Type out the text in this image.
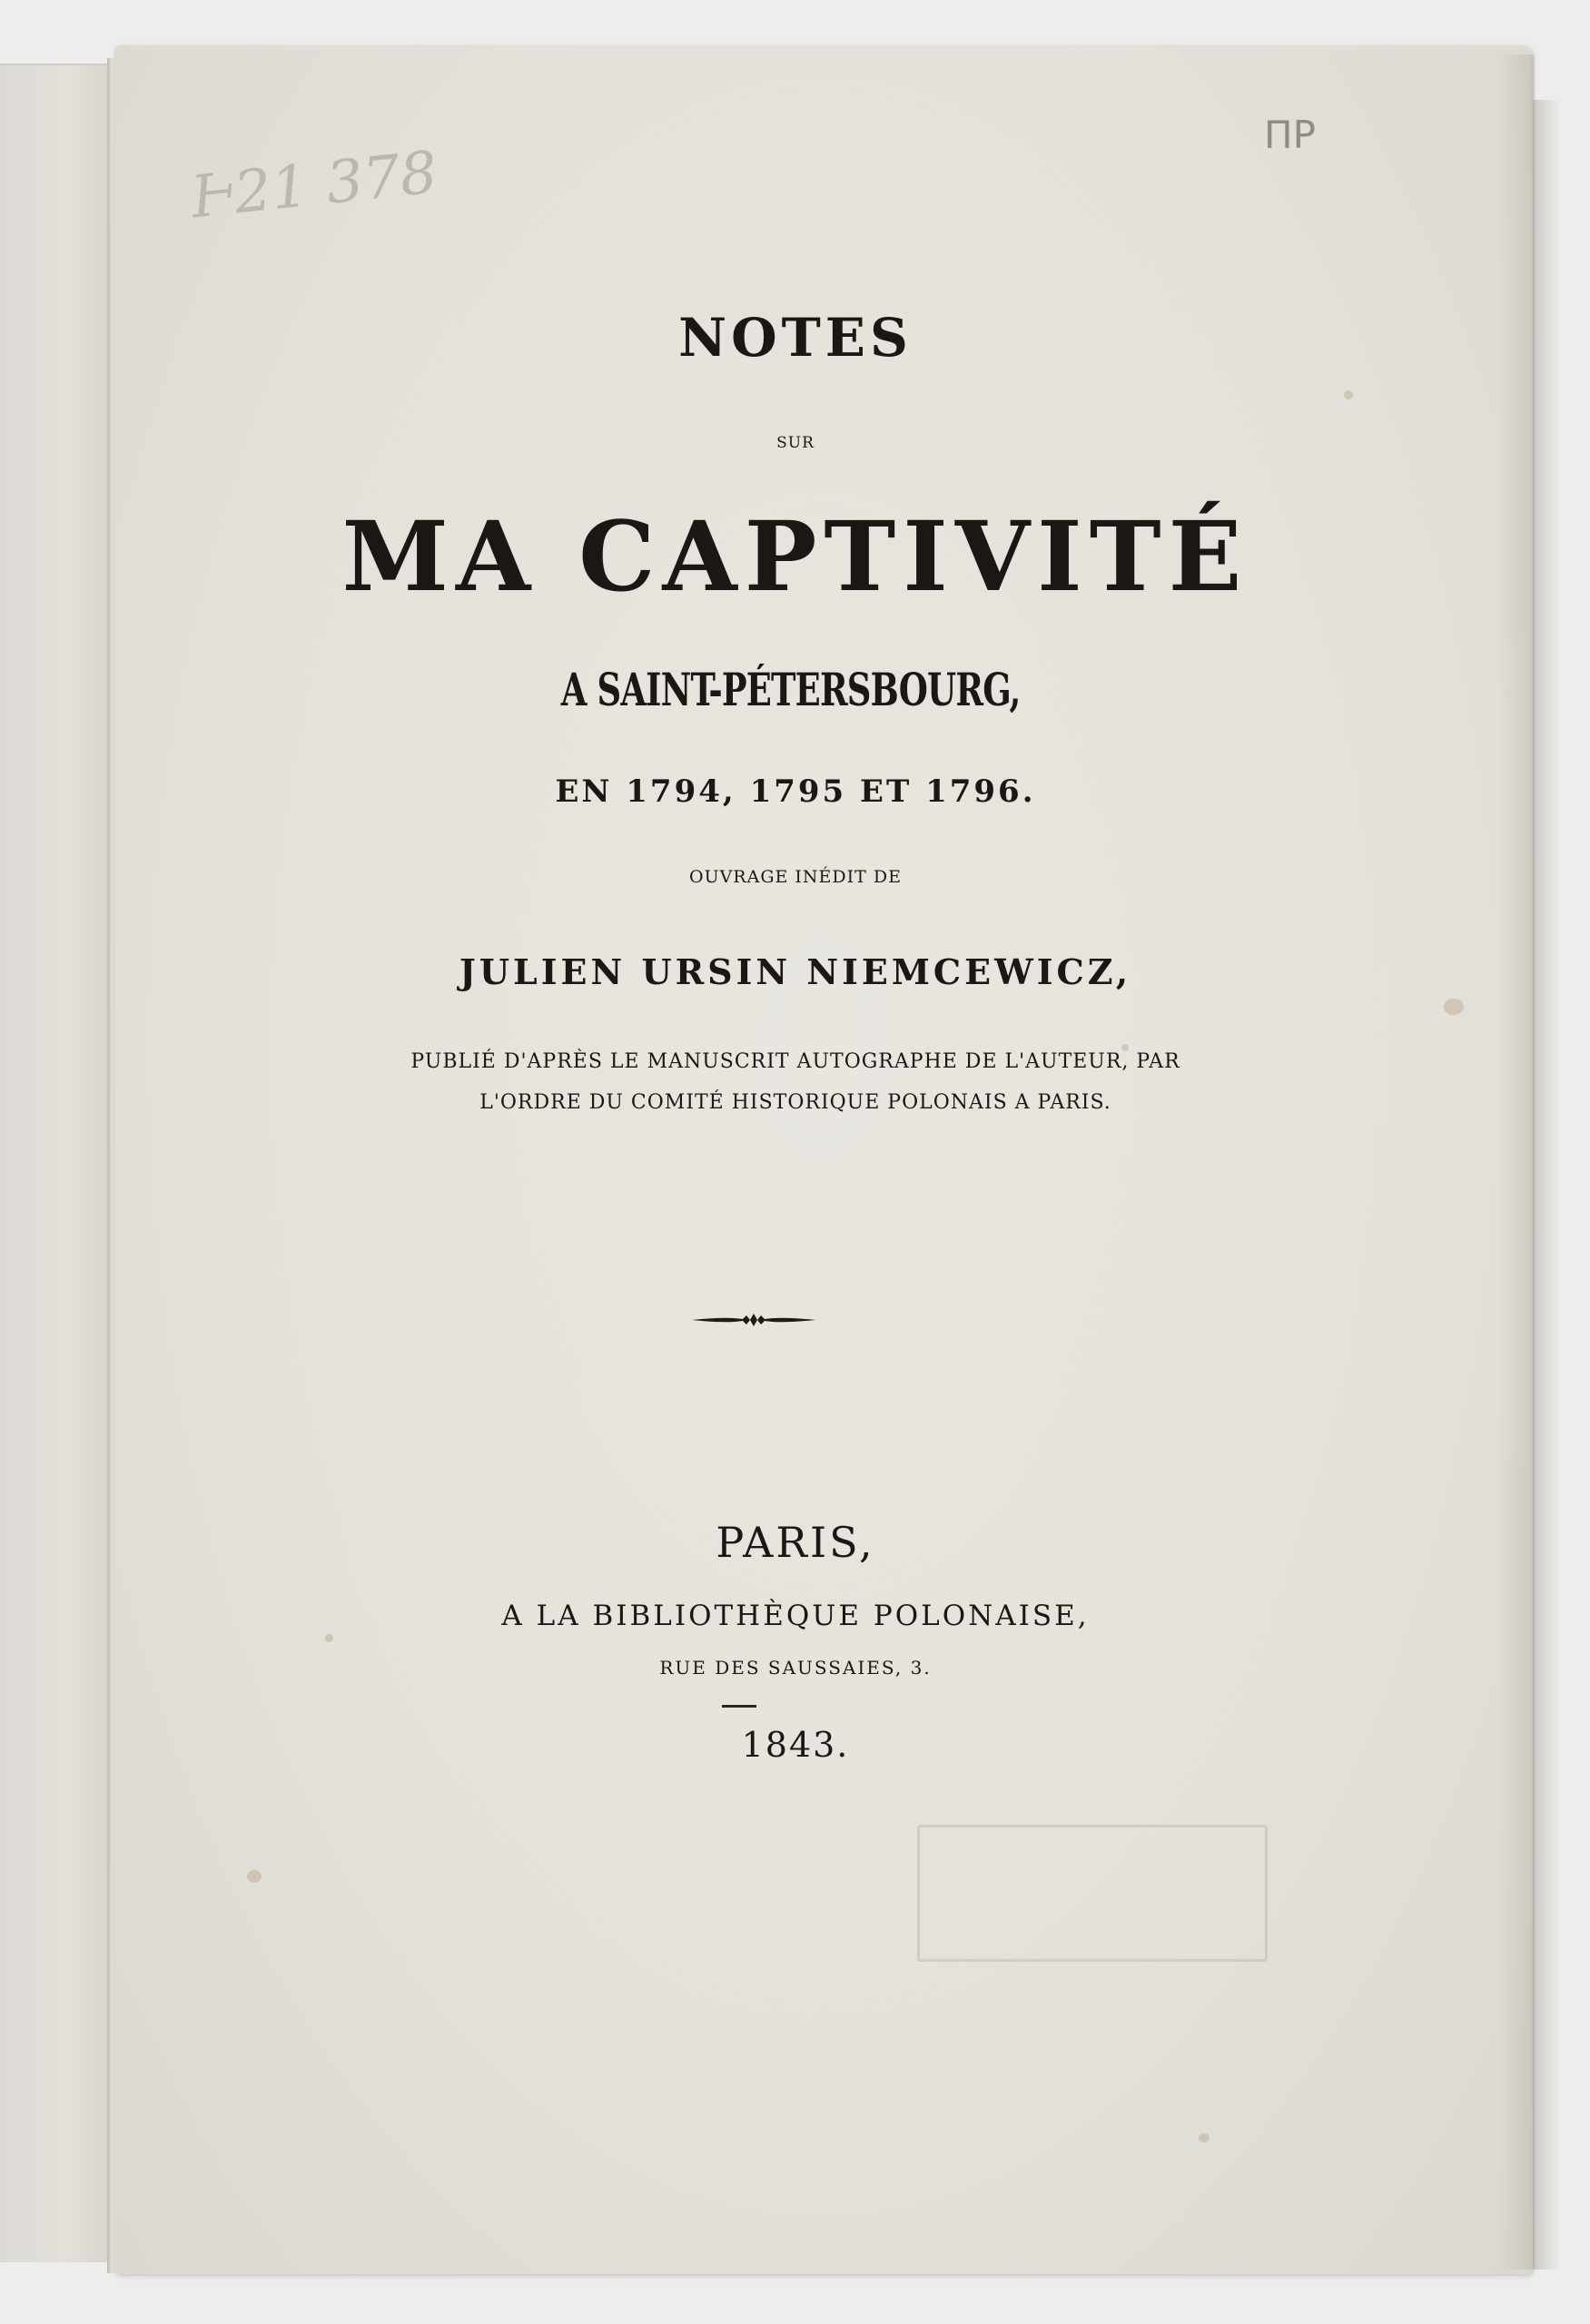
Ͱ21 378
ПР

NOTES

SUR

MA CAPTIVITÉ

A SAINT-PÉTERSBOURG,

EN 1794, 1795 ET 1796.

OUVRAGE INÉDIT DE

JULIEN URSIN NIEMCEWICZ,

PUBLIÉ D'APRÈS LE MANUSCRIT AUTOGRAPHE DE L'AUTEUR, PAR

L'ORDRE DU COMITÉ HISTORIQUE POLONAIS A PARIS.

PARIS,

A LA BIBLIOTHÈQUE POLONAISE,

RUE DES SAUSSAIES, 3.

1843.
